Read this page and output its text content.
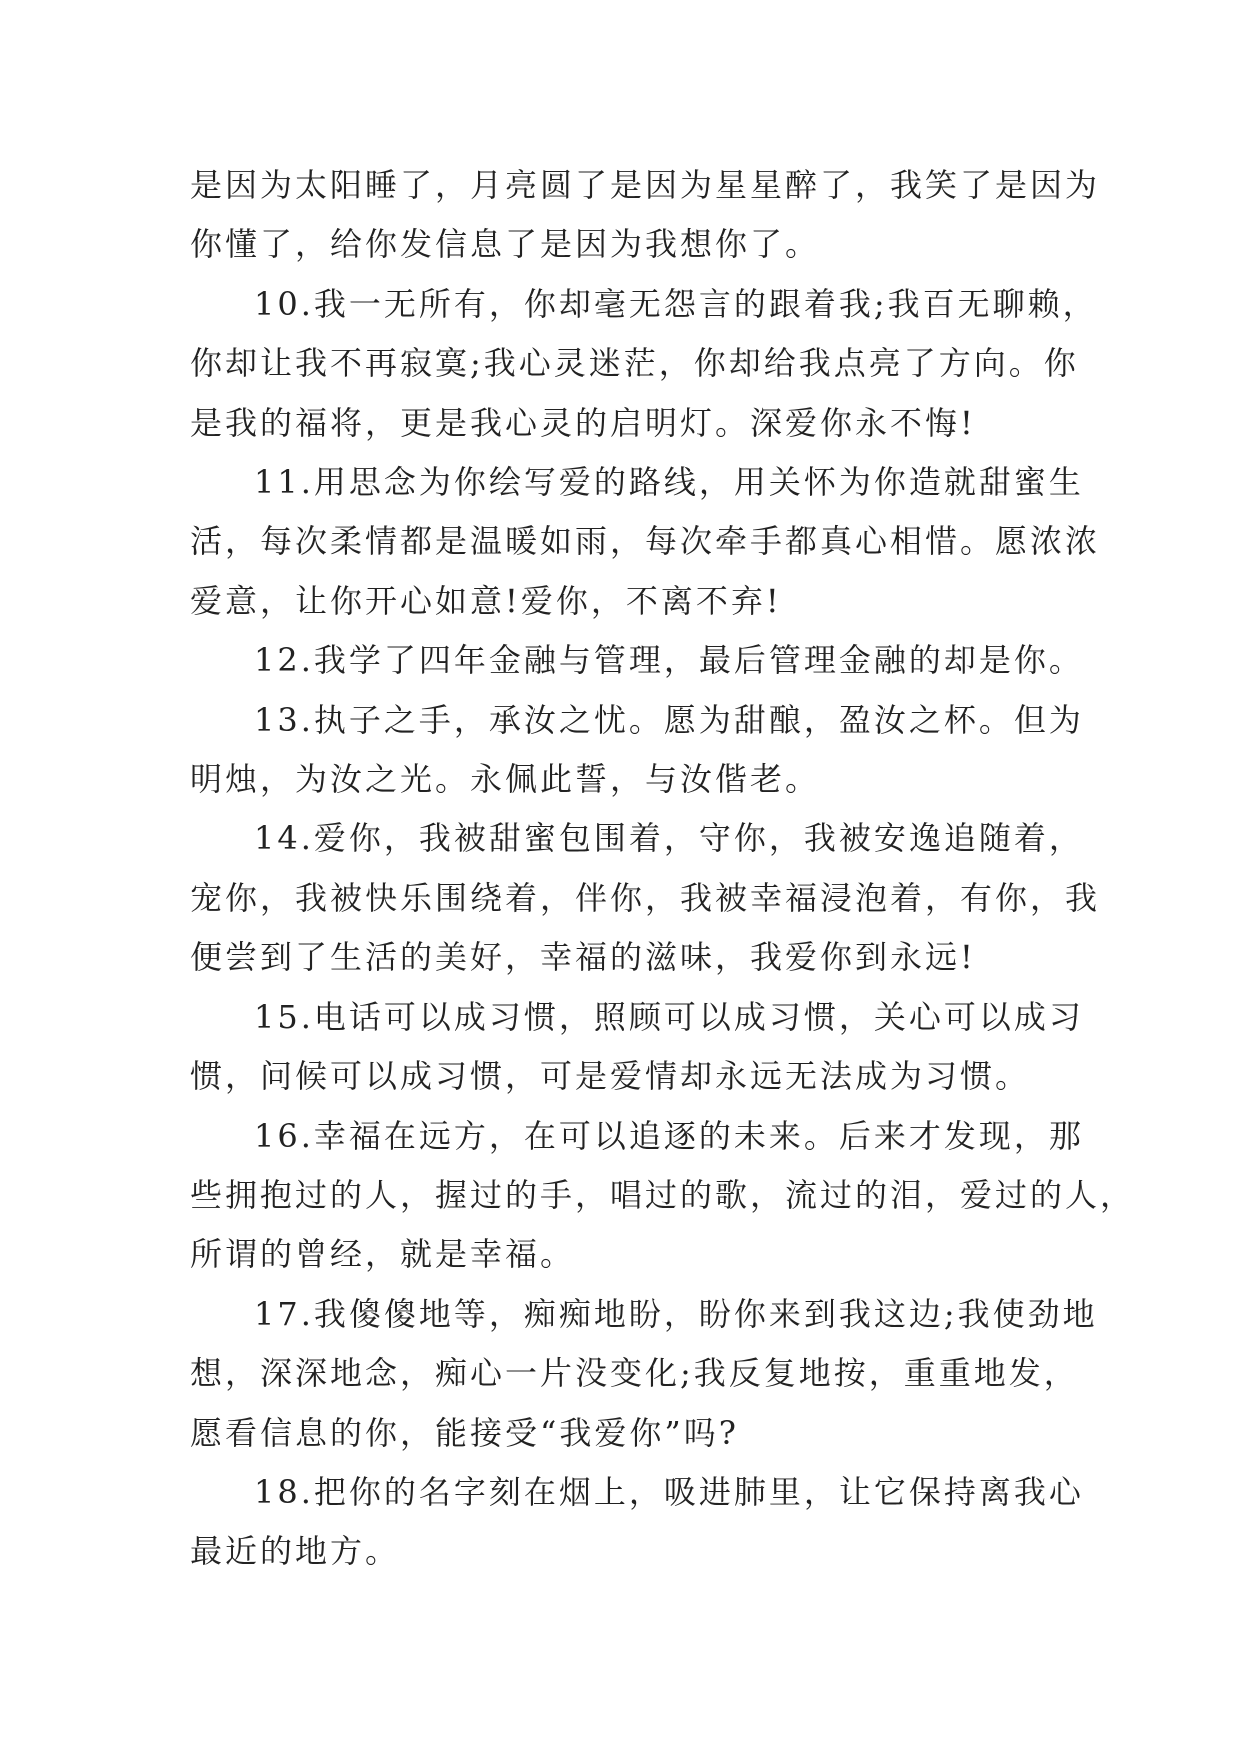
是因为太阳睡了，月亮圆了是因为星星醉了，我笑了是因为
你懂了，给你发信息了是因为我想你了。
10.我一无所有，你却毫无怨言的跟着我;我百无聊赖，
你却让我不再寂寞;我心灵迷茫，你却给我点亮了方向。你
是我的福将，更是我心灵的启明灯。深爱你永不悔!
11.用思念为你绘写爱的路线，用关怀为你造就甜蜜生
活，每次柔情都是温暖如雨，每次牵手都真心相惜。愿浓浓
爱意，让你开心如意!爱你，不离不弃!
12.我学了四年金融与管理，最后管理金融的却是你。
13.执子之手，承汝之忧。愿为甜酿，盈汝之杯。但为
明烛，为汝之光。永佩此誓，与汝偕老。
14.爱你，我被甜蜜包围着，守你，我被安逸追随着，
宠你，我被快乐围绕着，伴你，我被幸福浸泡着，有你，我
便尝到了生活的美好，幸福的滋味，我爱你到永远!
15.电话可以成习惯，照顾可以成习惯，关心可以成习
惯，问候可以成习惯，可是爱情却永远无法成为习惯。
16.幸福在远方，在可以追逐的未来。后来才发现，那
些拥抱过的人，握过的手，唱过的歌，流过的泪，爱过的人，
所谓的曾经，就是幸福。
17.我傻傻地等，痴痴地盼，盼你来到我这边;我使劲地
想，深深地念，痴心一片没变化;我反复地按，重重地发，
愿看信息的你，能接受“我爱你”吗?
18.把你的名字刻在烟上，吸进肺里，让它保持离我心
最近的地方。
